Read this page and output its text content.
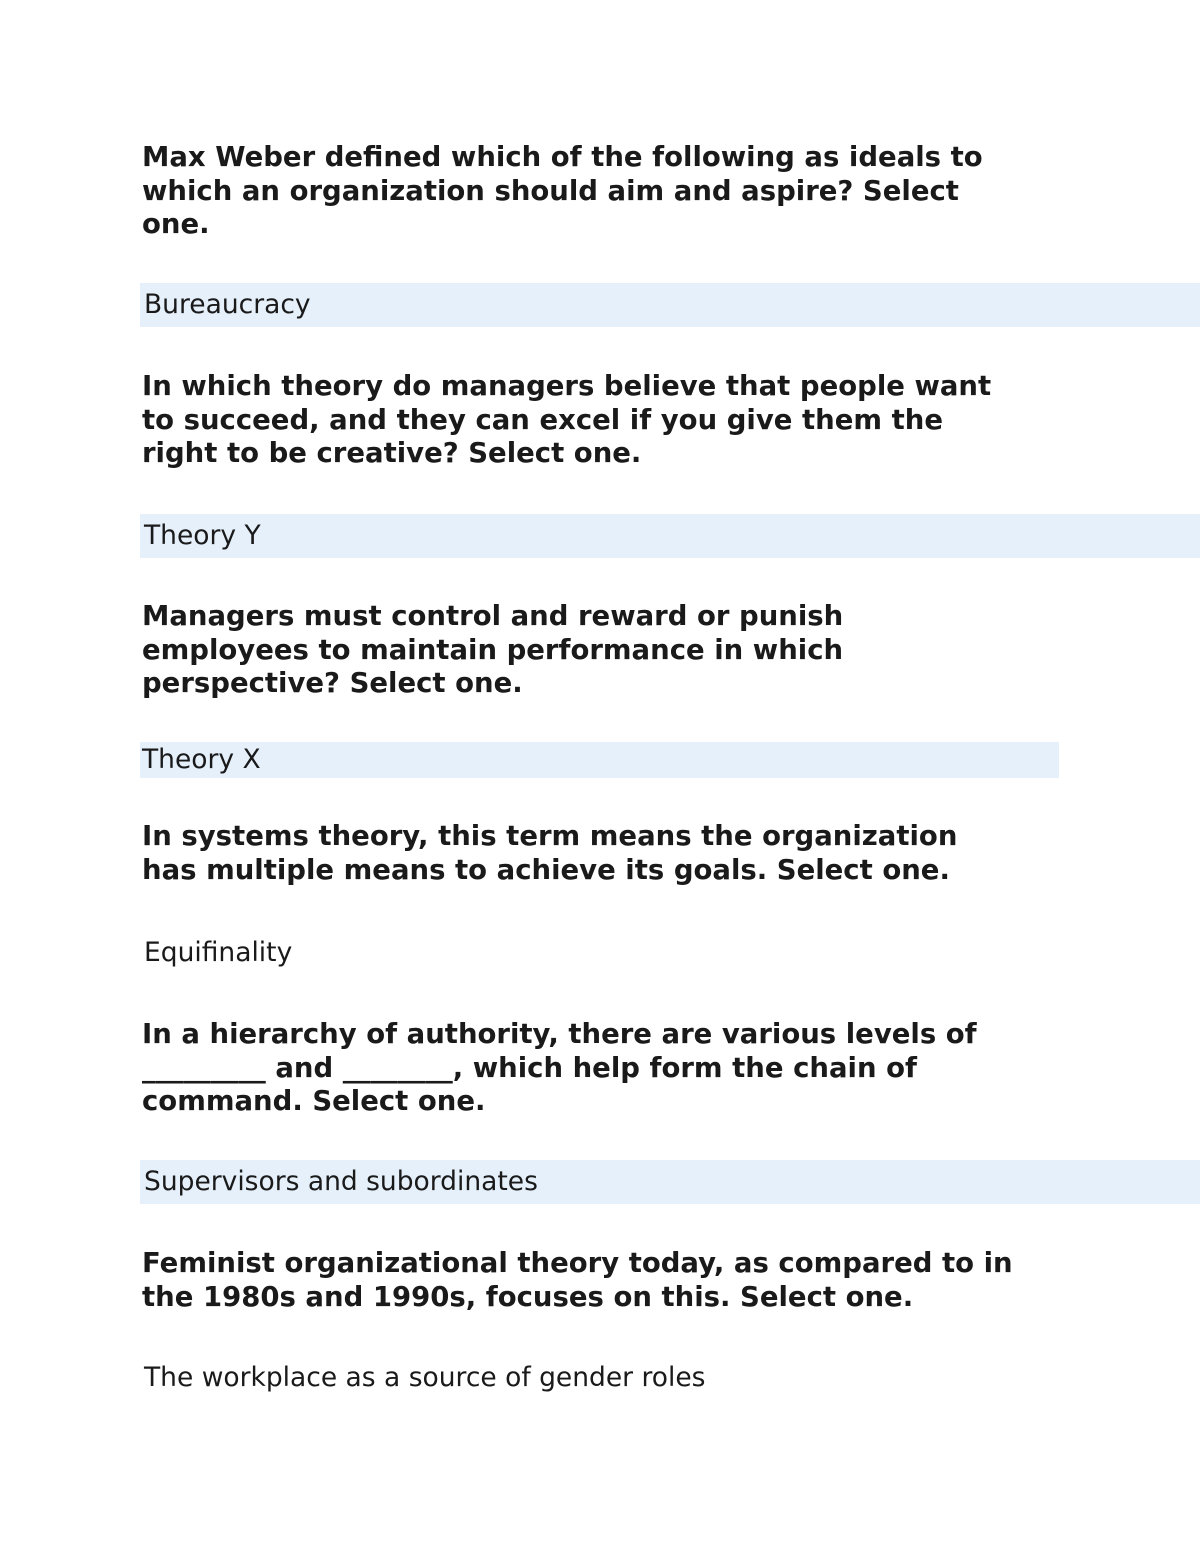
Max Weber defined which of the following as ideals to
which an organization should aim and aspire? Select
one.

Bureaucracy

In which theory do managers believe that people want
to succeed, and they can excel if you give them the
right to be creative? Select one.

Theory Y

Managers must control and reward or punish
employees to maintain performance in which
perspective? Select one.

Theory X

In systems theory, this term means the organization
has multiple means to achieve its goals. Select one.

Equifinality

In a hierarchy of authority, there are various levels of
_________ and ________, which help form the chain of
command. Select one.

Supervisors and subordinates

Feminist organizational theory today, as compared to in
the 1980s and 1990s, focuses on this. Select one.

The workplace as a source of gender roles
